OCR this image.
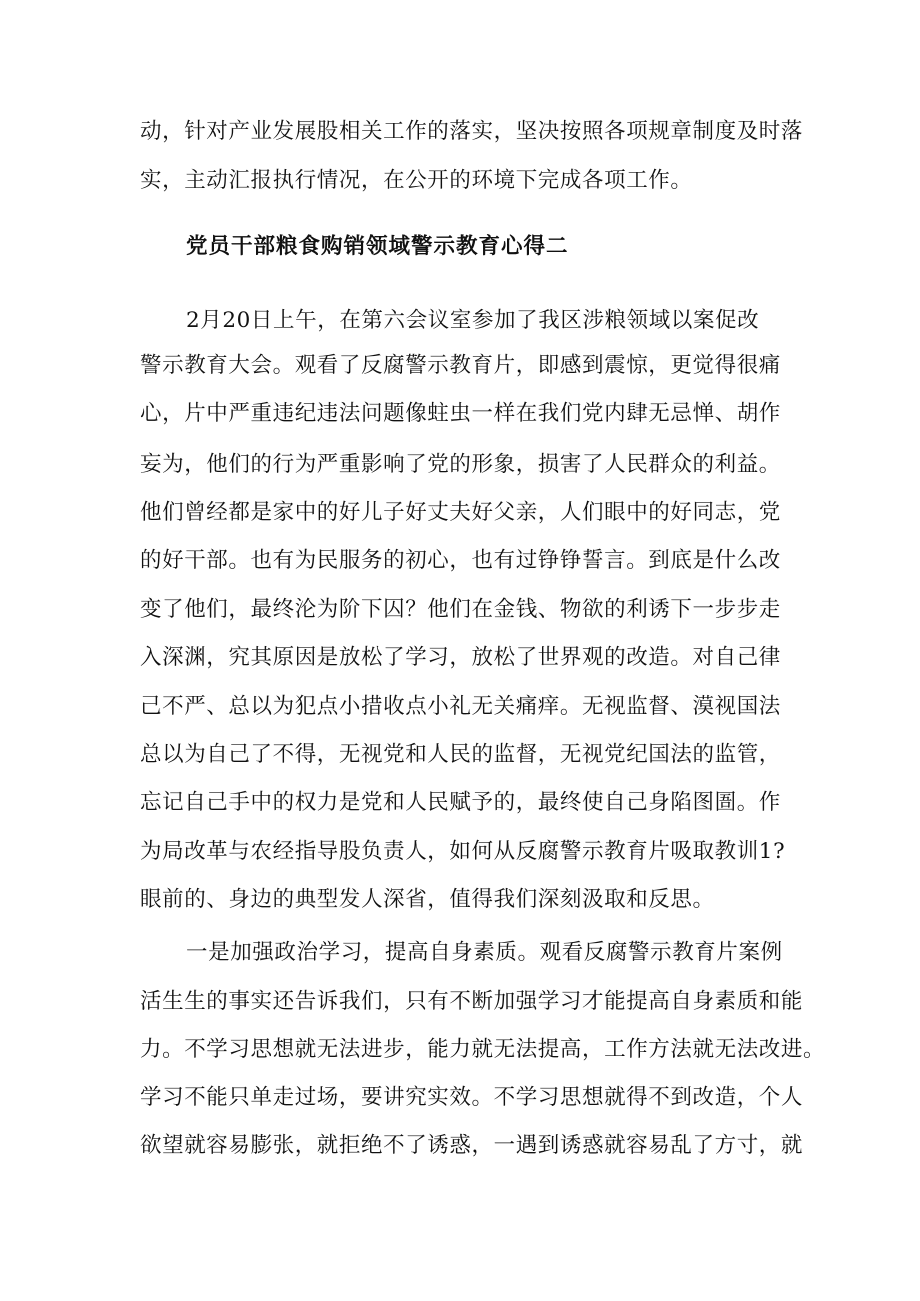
动，针对产业发展股相关工作的落实，坚决按照各项规章制度及时落
实，主动汇报执行情况，在公开的环境下完成各项工作。
党员干部粮食购销领域警示教育心得二
2月20日上午，在第六会议室参加了我区涉粮领域以案促改
警示教育大会。观看了反腐警示教育片，即感到震惊，更觉得很痛
心，片中严重违纪违法问题像蛀虫一样在我们党内肆无忌惮、胡作
妄为，他们的行为严重影响了党的形象，损害了人民群众的利益。
他们曾经都是家中的好儿子好丈夫好父亲，人们眼中的好同志，党
的好干部。也有为民服务的初心，也有过铮铮誓言。到底是什么改
变了他们，最终沦为阶下囚？他们在金钱、物欲的利诱下一步步走
入深渊，究其原因是放松了学习，放松了世界观的改造。对自己律
己不严、总以为犯点小措收点小礼无关痛痒。无视监督、漠视国法
总以为自己了不得，无视党和人民的监督，无视党纪国法的监管，
忘记自己手中的权力是党和人民赋予的，最终使自己身陷图圄。作
为局改革与农经指导股负责人，如何从反腐警示教育片吸取教训1?
眼前的、身边的典型发人深省，值得我们深刻汲取和反思。
一是加强政治学习，提高自身素质。观看反腐警示教育片案例
活生生的事实还告诉我们，只有不断加强学习才能提高自身素质和能
力。不学习思想就无法进步，能力就无法提高，工作方法就无法改进。
学习不能只单走过场，要讲究实效。不学习思想就得不到改造，个人
欲望就容易膨张，就拒绝不了诱惑，一遇到诱惑就容易乱了方寸，就
